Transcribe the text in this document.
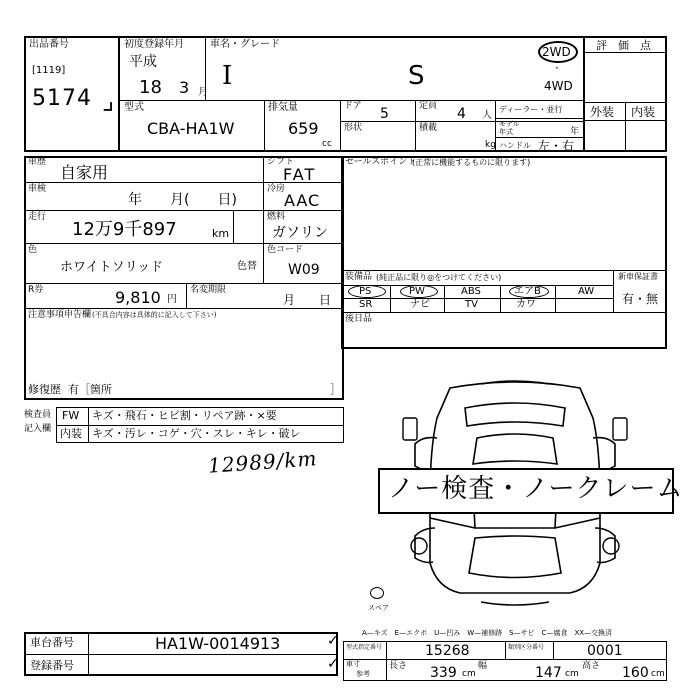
出品番号
[1119]
5174 ⌟
初度登録年月
平成
18 3 月
車名・グレード
I	S
2WD
·
4WD
評　価　点
外装 内装
型式
CBA-HA1W
排気量
659
cc
ドア 5	定員 4 人
形状	積載
kg
ディーラー・並行
モデル年式	年
ハンドル 左・右
車歴
自家用
シフト
FAT
車検
年　　月(　　日)
冷房
AAC
走行
12万9千897	km
燃料
ガソリン
色
ホワイトソリッド	色替
色コード
W09
R券	9,810 円
名変期限
月　　日
注意事項申告欄 (不具合内容は具体的に記入して下さい)
修復歴 有［箇所	］
セールスポイント
(正常に機能するものに限ります)
装備品 (純正品に限り◎をつけてください)	新車保証書
有・無
PS	PW	ABS	エアB	AW
SR	ナビ	TV	カワ
後日品
検査員
記入欄
FW キズ・飛石・ヒビ割・リペア跡・×要
内装 キズ・汚レ・コゲ・穴・スレ・キレ・破レ
12989/km
スペア
ノー検査・ノークレーム
A—キズ　E—エクボ　U—凹み　W—補修跡　S—サビ　C—腐食　XX—交換済
車台番号	HA1W-0014913	✓
登録番号	✓
型式指定番号	15268	類別区分番号	0001
車寸
参考
長さ 339 cm
幅	147 cm
高さ 160 cm
